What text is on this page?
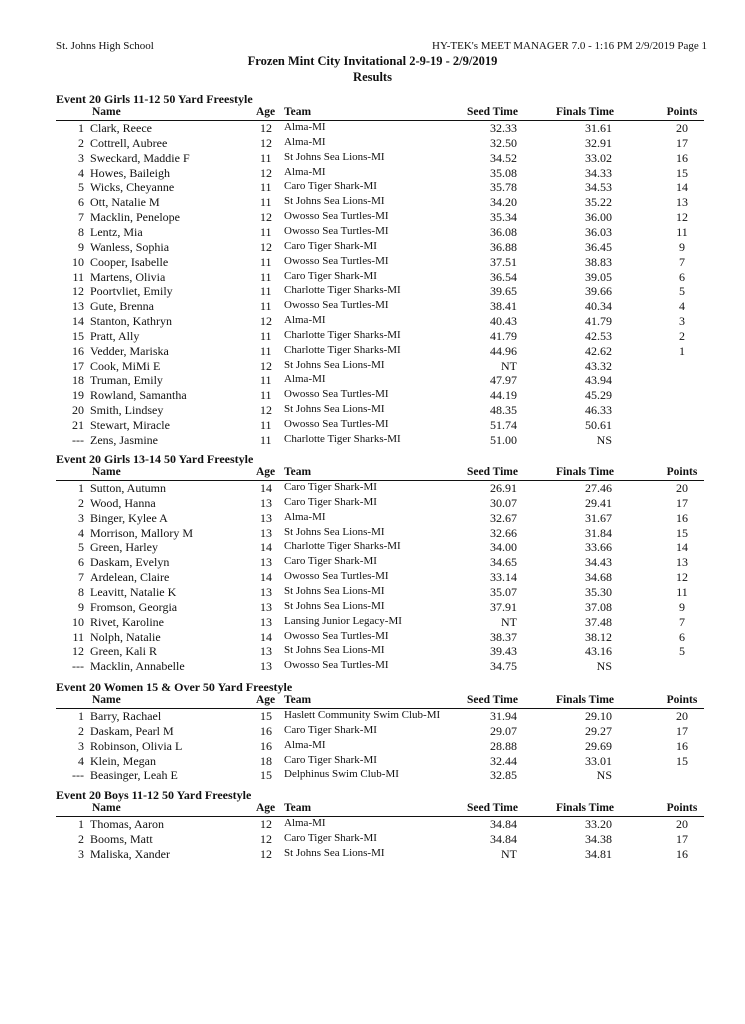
St. Johns High School	HY-TEK's MEET MANAGER 7.0 - 1:16 PM 2/9/2019 Page 1
Frozen Mint City Invitational 2-9-19 - 2/9/2019
Results
Event 20 Girls 11-12 50 Yard Freestyle
Name	Age Team	Seed Time	Finals Time	Points
1 Clark, Reece	12 Alma-MI	32.33	31.61	20
2 Cottrell, Aubree	12 Alma-MI	32.50	32.91	17
3 Sweckard, Maddie F	11 St Johns Sea Lions-MI	34.52	33.02	16
4 Howes, Baileigh	12 Alma-MI	35.08	34.33	15
5 Wicks, Cheyanne	11 Caro Tiger Shark-MI	35.78	34.53	14
6 Ott, Natalie M	11 St Johns Sea Lions-MI	34.20	35.22	13
7 Macklin, Penelope	12 Owosso Sea Turtles-MI	35.34	36.00	12
8 Lentz, Mia	11 Owosso Sea Turtles-MI	36.08	36.03	11
9 Wanless, Sophia	12 Caro Tiger Shark-MI	36.88	36.45	9
10 Cooper, Isabelle	11 Owosso Sea Turtles-MI	37.51	38.83	7
11 Martens, Olivia	11 Caro Tiger Shark-MI	36.54	39.05	6
12 Poortvliet, Emily	11 Charlotte Tiger Sharks-MI	39.65	39.66	5
13 Gute, Brenna	11 Owosso Sea Turtles-MI	38.41	40.34	4
14 Stanton, Kathryn	12 Alma-MI	40.43	41.79	3
15 Pratt, Ally	11 Charlotte Tiger Sharks-MI	41.79	42.53	2
16 Vedder, Mariska	11 Charlotte Tiger Sharks-MI	44.96	42.62	1
17 Cook, MiMi E	12 St Johns Sea Lions-MI	NT	43.32
18 Truman, Emily	11 Alma-MI	47.97	43.94
19 Rowland, Samantha	11 Owosso Sea Turtles-MI	44.19	45.29
20 Smith, Lindsey	12 St Johns Sea Lions-MI	48.35	46.33
21 Stewart, Miracle	11 Owosso Sea Turtles-MI	51.74	50.61
--- Zens, Jasmine	11 Charlotte Tiger Sharks-MI	51.00	NS
Event 20 Girls 13-14 50 Yard Freestyle
Name	Age Team	Seed Time	Finals Time	Points
1 Sutton, Autumn	14 Caro Tiger Shark-MI	26.91	27.46	20
2 Wood, Hanna	13 Caro Tiger Shark-MI	30.07	29.41	17
3 Binger, Kylee A	13 Alma-MI	32.67	31.67	16
4 Morrison, Mallory M	13 St Johns Sea Lions-MI	32.66	31.84	15
5 Green, Harley	14 Charlotte Tiger Sharks-MI	34.00	33.66	14
6 Daskam, Evelyn	13 Caro Tiger Shark-MI	34.65	34.43	13
7 Ardelean, Claire	14 Owosso Sea Turtles-MI	33.14	34.68	12
8 Leavitt, Natalie K	13 St Johns Sea Lions-MI	35.07	35.30	11
9 Fromson, Georgia	13 St Johns Sea Lions-MI	37.91	37.08	9
10 Rivet, Karoline	13 Lansing Junior Legacy-MI	NT	37.48	7
11 Nolph, Natalie	14 Owosso Sea Turtles-MI	38.37	38.12	6
12 Green, Kali R	13 St Johns Sea Lions-MI	39.43	43.16	5
--- Macklin, Annabelle	13 Owosso Sea Turtles-MI	34.75	NS
Event 20 Women 15 & Over 50 Yard Freestyle
Name	Age Team	Seed Time	Finals Time	Points
1 Barry, Rachael	15 Haslett Community Swim Club-MI	31.94	29.10	20
2 Daskam, Pearl M	16 Caro Tiger Shark-MI	29.07	29.27	17
3 Robinson, Olivia L	16 Alma-MI	28.88	29.69	16
4 Klein, Megan	18 Caro Tiger Shark-MI	32.44	33.01	15
--- Beasinger, Leah E	15 Delphinus Swim Club-MI	32.85	NS
Event 20 Boys 11-12 50 Yard Freestyle
Name	Age Team	Seed Time	Finals Time	Points
1 Thomas, Aaron	12 Alma-MI	34.84	33.20	20
2 Booms, Matt	12 Caro Tiger Shark-MI	34.84	34.38	17
3 Maliska, Xander	12 St Johns Sea Lions-MI	NT	34.81	16
